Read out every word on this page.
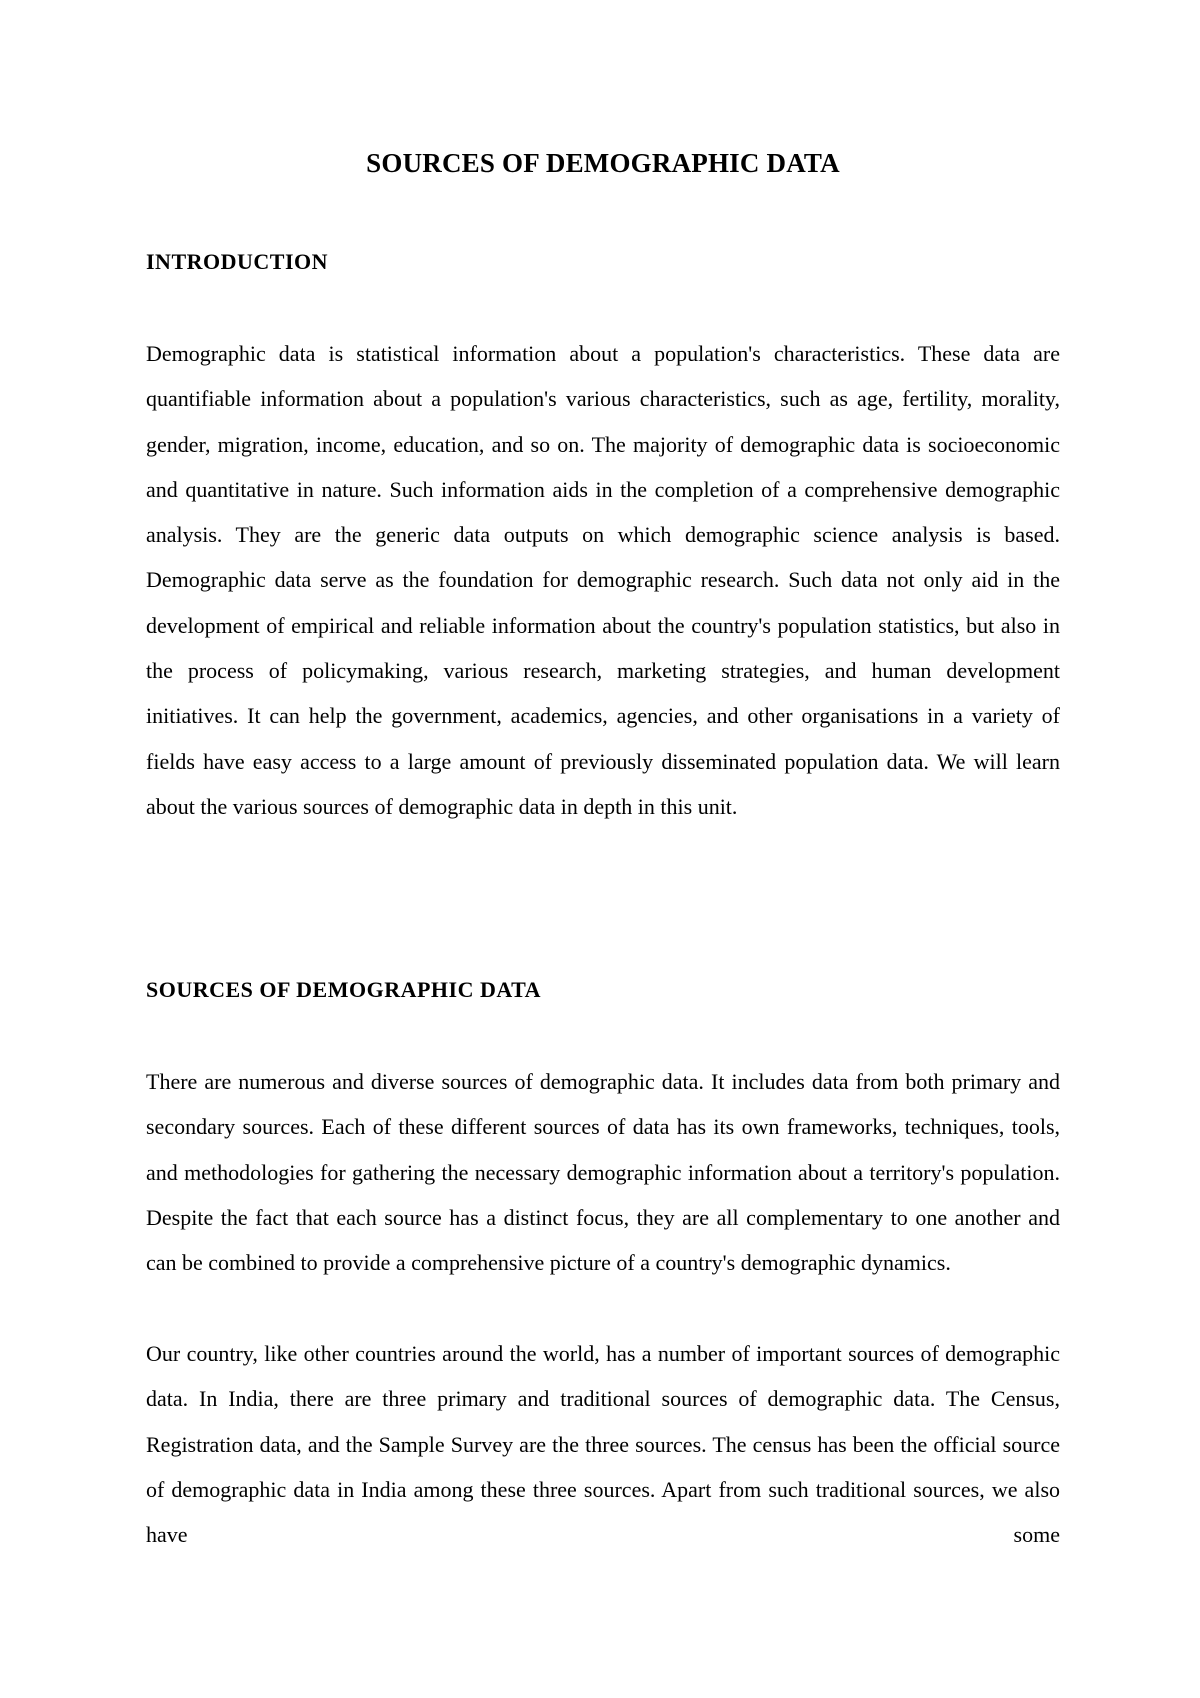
SOURCES OF DEMOGRAPHIC DATA
INTRODUCTION

Demographic data is statistical information about a population's characteristics. These data are quantifiable information about a population's various characteristics, such as age, fertility, morality, gender, migration, income, education, and so on. The majority of demographic data is socioeconomic and quantitative in nature. Such information aids in the completion of a comprehensive demographic analysis. They are the generic data outputs on which demographic science analysis is based. Demographic data serve as the foundation for demographic research. Such data not only aid in the development of empirical and reliable information about the country's population statistics, but also in the process of policymaking, various research, marketing strategies, and human development initiatives. It can help the government, academics, agencies, and other organisations in a variety of fields have easy access to a large amount of previously disseminated population data. We will learn about the various sources of demographic data in depth in this unit.

SOURCES OF DEMOGRAPHIC DATA

There are numerous and diverse sources of demographic data. It includes data from both primary and secondary sources. Each of these different sources of data has its own frameworks, techniques, tools, and methodologies for gathering the necessary demographic information about a territory's population. Despite the fact that each source has a distinct focus, they are all complementary to one another and can be combined to provide a comprehensive picture of a country's demographic dynamics.

Our country, like other countries around the world, has a number of important sources of demographic data. In India, there are three primary and traditional sources of demographic data. The Census, Registration data, and the Sample Survey are the three sources. The census has been the official source of demographic data in India among these three sources. Apart from such traditional sources, we also have some
